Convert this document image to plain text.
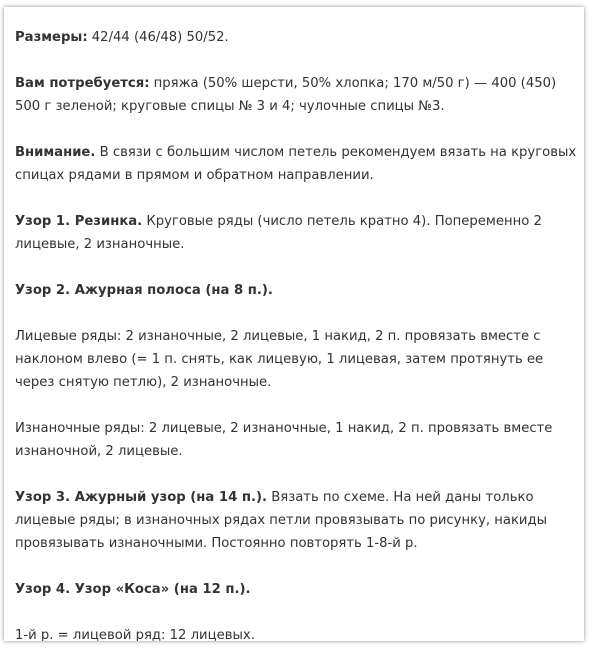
Размеры: 42/44 (46/48) 50/52.

Вам потребуется: пряжа (50% шерсти, 50% хлопка; 170 м/50 г) — 400 (450) 500 г зеленой; круговые спицы № 3 и 4; чулочные спицы №3.

Внимание. В связи с большим числом петель рекомендуем вязать на круговых спицах рядами в прямом и обратном направлении.

Узор 1. Резинка. Круговые ряды (число петель кратно 4). Попеременно 2 лицевые, 2 изнаночные.

Узор 2. Ажурная полоса (на 8 п.).

Лицевые ряды: 2 изнаночные, 2 лицевые, 1 накид, 2 п. провязать вместе с наклоном влево (= 1 п. снять, как лицевую, 1 лицевая, затем протянуть ее через снятую петлю), 2 изнаночные.

Изнаночные ряды: 2 лицевые, 2 изнаночные, 1 накид, 2 п. провязать вместе изнаночной, 2 лицевые.

Узор 3. Ажурный узор (на 14 п.). Вязать по схеме. На ней даны только лицевые ряды; в изнаночных рядах петли провязывать по рисунку, накиды провязывать изнаночными. Постоянно повторять 1-8-й р.

Узор 4. Узор «Коса» (на 12 п.).

1-й р. = лицевой ряд: 12 лицевых.
